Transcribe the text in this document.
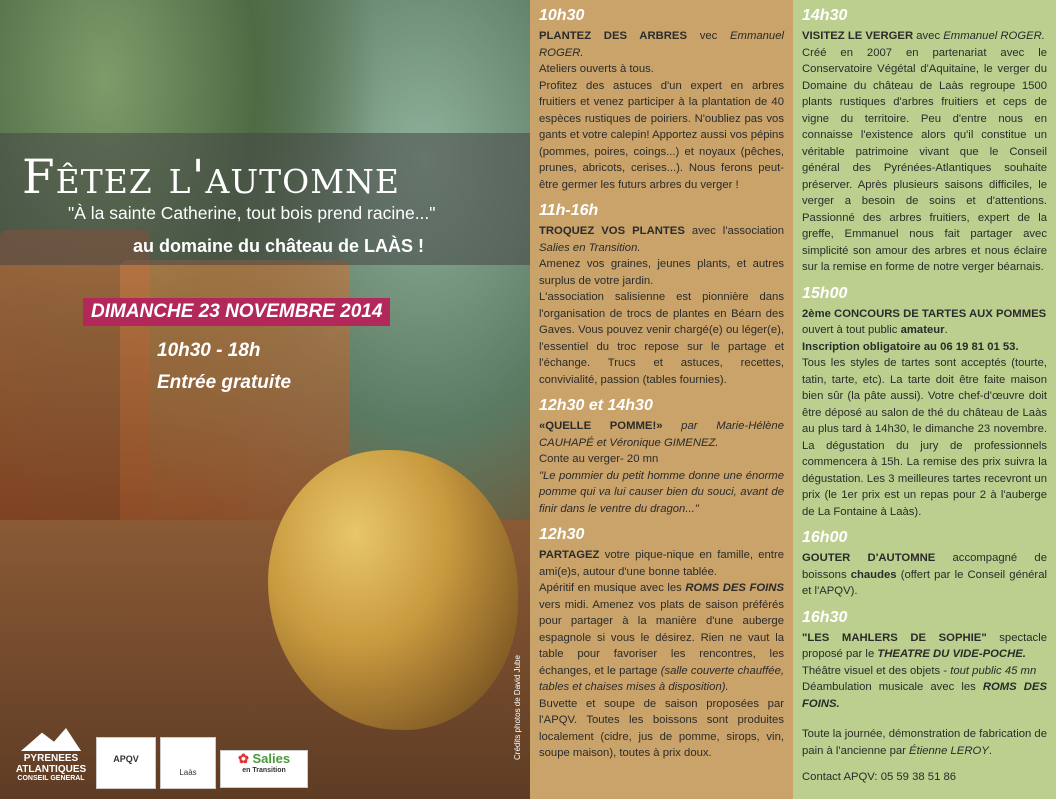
Fêtez l'automne
"À la sainte Catherine, tout bois prend racine..."
au domaine du château de LAÀS !
DIMANCHE 23 NOVEMBRE 2014
10h30 - 18h
Entrée gratuite
Crédits photos de David Jube
PYRENEES ATLANTIQUES
CONSEIL GENERAL
APQV
Laàs
✿ Salies
en Transition
10h30

PLANTEZ DES ARBRES vec Emmanuel ROGER.

Ateliers ouverts à tous.

Profitez des astuces d'un expert en arbres fruitiers et venez participer à la plantation de 40 espèces rustiques de poiriers. N'oubliez pas vos gants et votre calepin! Apportez aussi vos pépins (pommes, poires, coings...) et noyaux (pêches, prunes, abricots, cerises...). Nous ferons peut-être germer les futurs arbres du verger !

11h-16h

TROQUEZ VOS PLANTES avec l'association Salies en Transition.

Amenez vos graines, jeunes plants, et autres surplus de votre jardin.

L'association salisienne est pionnière dans l'organisation de trocs de plantes en Béarn des Gaves. Vous pouvez venir chargé(e) ou léger(e), l'essentiel du troc repose sur le partage et l'échange. Trucs et astuces, recettes, convivialité, passion (tables fournies).

12h30 et 14h30

«QUELLE POMME!» par Marie-Hélène CAUHAPÉ et Véronique GIMENEZ.

Conte au verger- 20 mn

"Le pommier du petit homme donne une énorme pomme qui va lui causer bien du souci, avant de finir dans le ventre du dragon..."

12h30

PARTAGEZ votre pique-nique en famille, entre ami(e)s, autour d'une bonne tablée.

Apéritif en musique avec les ROMS DES FOINS vers midi. Amenez vos plats de saison préférés pour partager à la manière d'une auberge espagnole si vous le désirez. Rien ne vaut la table pour favoriser les rencontres, les échanges, et le partage (salle couverte chauffée, tables et chaises mises à disposition).

Buvette et soupe de saison proposées par l'APQV. Toutes les boissons sont produites localement (cidre, jus de pomme, sirops, vin, soupe maison), toutes à prix doux.

14h30

VISITEZ LE VERGER avec Emmanuel ROGER.

Créé en 2007 en partenariat avec le Conservatoire Végétal d'Aquitaine, le verger du Domaine du château de Laàs regroupe 1500 plants rustiques d'arbres fruitiers et ceps de vigne du territoire. Peu d'entre nous en connaisse l'existence alors qu'il constitue un véritable patrimoine vivant que le Conseil général des Pyrénées-Atlantiques souhaite préserver. Après plusieurs saisons difficiles, le verger a besoin de soins et d'attentions. Passionné des arbres fruitiers, expert de la greffe, Emmanuel nous fait partager avec simplicité son amour des arbres et nous éclaire sur la remise en forme de notre verger béarnais.

15h00

2ème CONCOURS DE TARTES AUX POMMES

ouvert à tout public amateur.

Inscription obligatoire au 06 19 81 01 53.

Tous les styles de tartes sont acceptés (tourte, tatin, tarte, etc). La tarte doit être faite maison bien sûr (la pâte aussi). Votre chef-d'œuvre doit être déposé au salon de thé du château de Laàs au plus tard à 14h30, le dimanche 23 novembre. La dégustation du jury de professionnels commencera à 15h. La remise des prix suivra la dégustation. Les 3 meilleures tartes recevront un prix (le 1er prix est un repas pour 2 à l'auberge de La Fontaine à Laàs).

16h00

GOUTER D'AUTOMNE accompagné de boissons chaudes (offert par le Conseil général et l'APQV).

16h30

"LES MAHLERS DE SOPHIE" spectacle proposé par le THEATRE DU VIDE-POCHE.

Théâtre visuel et des objets - tout public 45 mn

Déambulation musicale avec les ROMS DES FOINS.

Toute la journée, démonstration de fabrication de pain à l'ancienne par Étienne LEROY.

Contact APQV: 05 59 38 51 86
